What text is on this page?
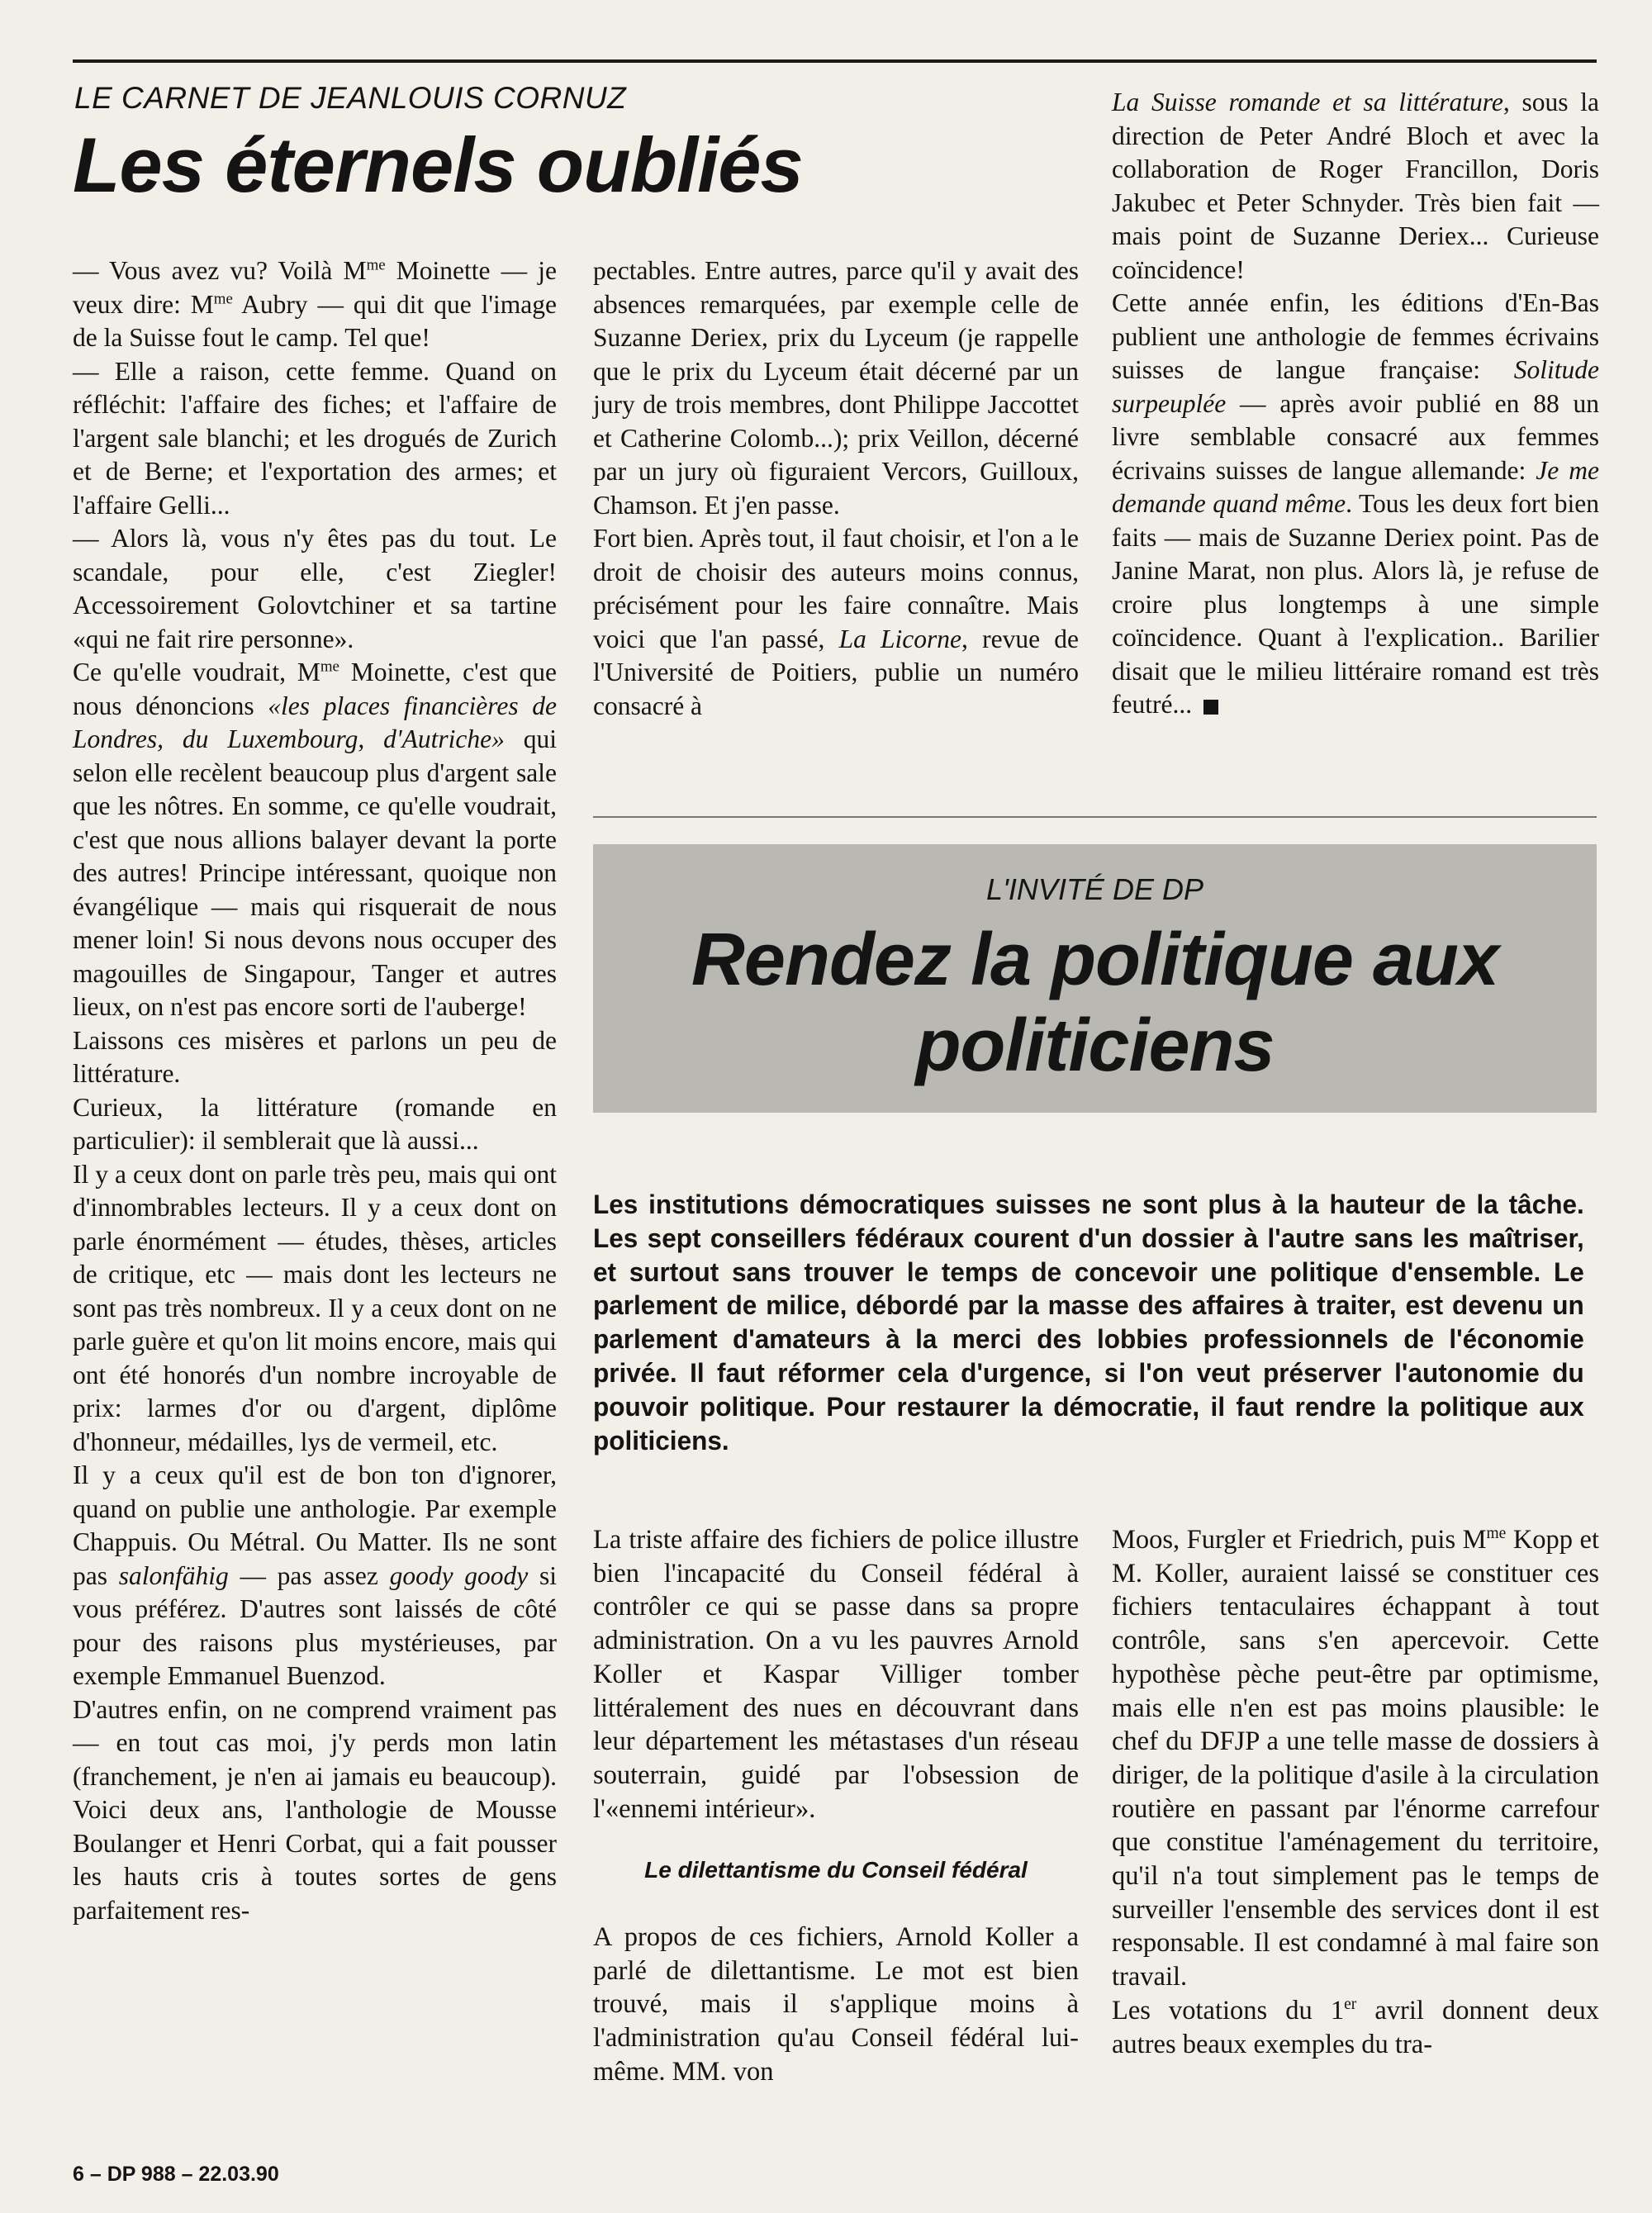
LE CARNET DE JEANLOUIS CORNUZ
Les éternels oubliés

— Vous avez vu? Voilà $M^{me}$ Moinette — je veux dire: $M^{me}$ Aubry — qui dit que l'image de la Suisse fout le camp. Tel que!

— Elle a raison, cette femme. Quand on réfléchit: l'affaire des fiches; et l'affaire de l'argent sale blanchi; et les drogués de Zurich et de Berne; et l'exportation des armes; et l'affaire Gelli...

— Alors là, vous n'y êtes pas du tout. Le scandale, pour elle, c'est Ziegler! Accessoirement Golovtchiner et sa tartine «qui ne fait rire personne».

Ce qu'elle voudrait, $M^{me}$ Moinette, c'est que nous dénoncions «les places financières de Londres, du Luxembourg, d'Autriche» qui selon elle recèlent beaucoup plus d'argent sale que les nôtres. En somme, ce qu'elle voudrait, c'est que nous allions balayer devant la porte des autres! Principe intéressant, quoique non évangélique — mais qui risquerait de nous mener loin! Si nous devons nous occuper des magouilles de Singapour, Tanger et autres lieux, on n'est pas encore sorti de l'auberge!

Laissons ces misères et parlons un peu de littérature.

Curieux, la littérature (romande en particulier): il semblerait que là aussi...

Il y a ceux dont on parle très peu, mais qui ont d'innombrables lecteurs. Il y a ceux dont on parle énormément — études, thèses, articles de critique, etc — mais dont les lecteurs ne sont pas très nombreux. Il y a ceux dont on ne parle guère et qu'on lit moins encore, mais qui ont été honorés d'un nombre incroyable de prix: larmes d'or ou d'argent, diplôme d'honneur, médailles, lys de vermeil, etc.

Il y a ceux qu'il est de bon ton d'ignorer, quand on publie une anthologie. Par exemple Chappuis. Ou Métral. Ou Matter. Ils ne sont pas salonfähig — pas assez goody goody si vous préférez. D'autres sont laissés de côté pour des raisons plus mystérieuses, par exemple Emmanuel Buenzod.

D'autres enfin, on ne comprend vraiment pas — en tout cas moi, j'y perds mon latin (franchement, je n'en ai jamais eu beaucoup). Voici deux ans, l'anthologie de Mousse Boulanger et Henri Corbat, qui a fait pousser les hauts cris à toutes sortes de gens parfaitement res-

pectables. Entre autres, parce qu'il y avait des absences remarquées, par exemple celle de Suzanne Deriex, prix du Lyceum (je rappelle que le prix du Lyceum était décerné par un jury de trois membres, dont Philippe Jaccottet et Catherine Colomb...); prix Veillon, décerné par un jury où figuraient Vercors, Guilloux, Chamson. Et j'en passe.

Fort bien. Après tout, il faut choisir, et l'on a le droit de choisir des auteurs moins connus, précisément pour les faire connaître. Mais voici que l'an passé, La Licorne, revue de l'Université de Poitiers, publie un numéro consacré à

La Suisse romande et sa littérature, sous la direction de Peter André Bloch et avec la collaboration de Roger Francillon, Doris Jakubec et Peter Schnyder. Très bien fait — mais point de Suzanne Deriex... Curieuse coïncidence!

Cette année enfin, les éditions d'En-Bas publient une anthologie de femmes écrivains suisses de langue française: Solitude surpeuplée — après avoir publié en 88 un livre semblable consacré aux femmes écrivains suisses de langue allemande: Je me demande quand même. Tous les deux fort bien faits — mais de Suzanne Deriex point. Pas de Janine Marat, non plus. Alors là, je refuse de croire plus longtemps à une simple coïncidence. Quant à l'explication.. Barilier disait que le milieu littéraire romand est très feutré...

L'INVITÉ DE DP
Rendez la politique aux
politiciens
Les institutions démocratiques suisses ne sont plus à la hauteur de la tâche. Les sept conseillers fédéraux courent d'un dossier à l'autre sans les maîtriser, et surtout sans trouver le temps de concevoir une politique d'ensemble. Le parlement de milice, débordé par la masse des affaires à traiter, est devenu un parlement d'amateurs à la merci des lobbies professionnels de l'économie privée. Il faut réformer cela d'urgence, si l'on veut préserver l'autonomie du pouvoir politique. Pour restaurer la démocratie, il faut rendre la politique aux politiciens.

La triste affaire des fichiers de police illustre bien l'incapacité du Conseil fédéral à contrôler ce qui se passe dans sa propre administration. On a vu les pauvres Arnold Koller et Kaspar Villiger tomber littéralement des nues en découvrant dans leur département les métastases d'un réseau souterrain, guidé par l'obsession de l'«ennemi intérieur».

Le dilettantisme du Conseil fédéral

A propos de ces fichiers, Arnold Koller a parlé de dilettantisme. Le mot est bien trouvé, mais il s'applique moins à l'administration qu'au Conseil fédéral lui-même. MM. von

Moos, Furgler et Friedrich, puis $M^{me}$ Kopp et M. Koller, auraient laissé se constituer ces fichiers tentaculaires échappant à tout contrôle, sans s'en apercevoir. Cette hypothèse pèche peut-être par optimisme, mais elle n'en est pas moins plausible: le chef du DFJP a une telle masse de dossiers à diriger, de la politique d'asile à la circulation routière en passant par l'énorme carrefour que constitue l'aménagement du territoire, qu'il n'a tout simplement pas le temps de surveiller l'ensemble des services dont il est responsable. Il est condamné à mal faire son travail.

Les votations du 1er avril donnent deux autres beaux exemples du tra-

6 – DP 988 – 22.03.90
